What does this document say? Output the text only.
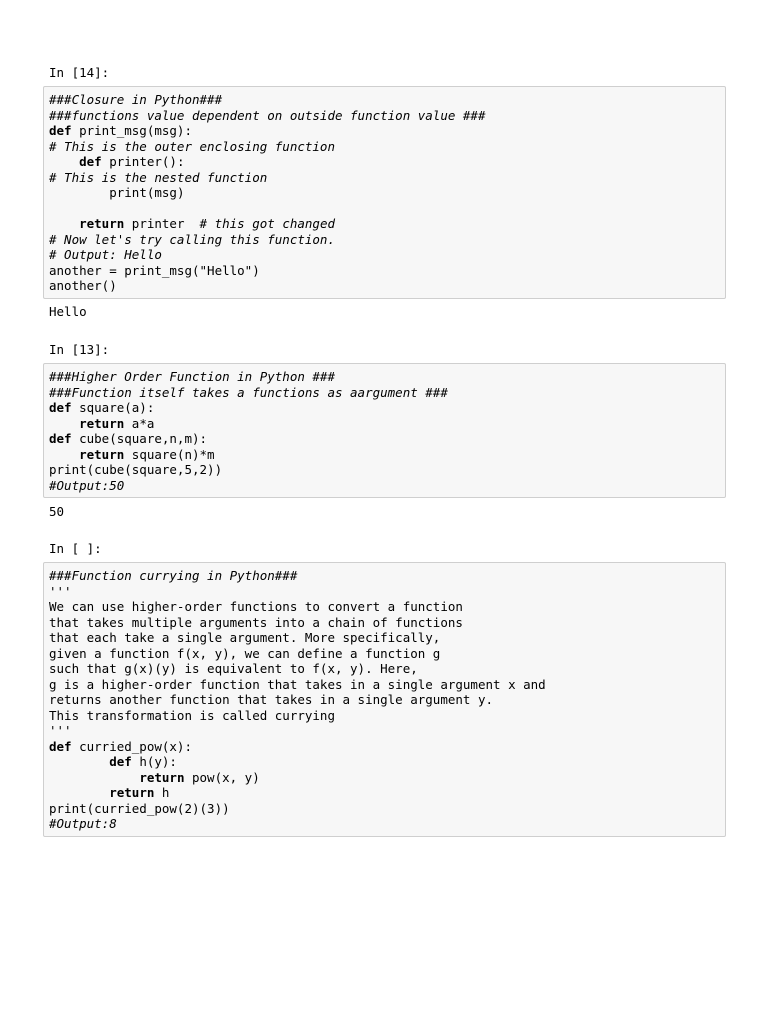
In [14]:
###Closure in Python###
###functions value dependent on outside function value ###
def print_msg(msg):
# This is the outer enclosing function
def printer():
# This is the nested function
print(msg)
return printer  # this got changed
# Now let's try calling this function.
# Output: Hello
another = print_msg("Hello")
another()
Hello
In [13]:
###Higher Order Function in Python ###
###Function itself takes a functions as aargument ###
def square(a):
return a*a
def cube(square,n,m):
return square(n)*m
print(cube(square,5,2))
#Output:50
50
In [ ]:
###Function currying in Python###
'''
We can use higher-order functions to convert a function
that takes multiple arguments into a chain of functions
that each take a single argument. More specifically,
given a function f(x, y), we can define a function g
such that g(x)(y) is equivalent to f(x, y). Here,
g is a higher-order function that takes in a single argument x and
returns another function that takes in a single argument y.
This transformation is called currying
'''
def curried_pow(x):
def h(y):
return pow(x, y)
return h
print(curried_pow(2)(3))
#Output:8
